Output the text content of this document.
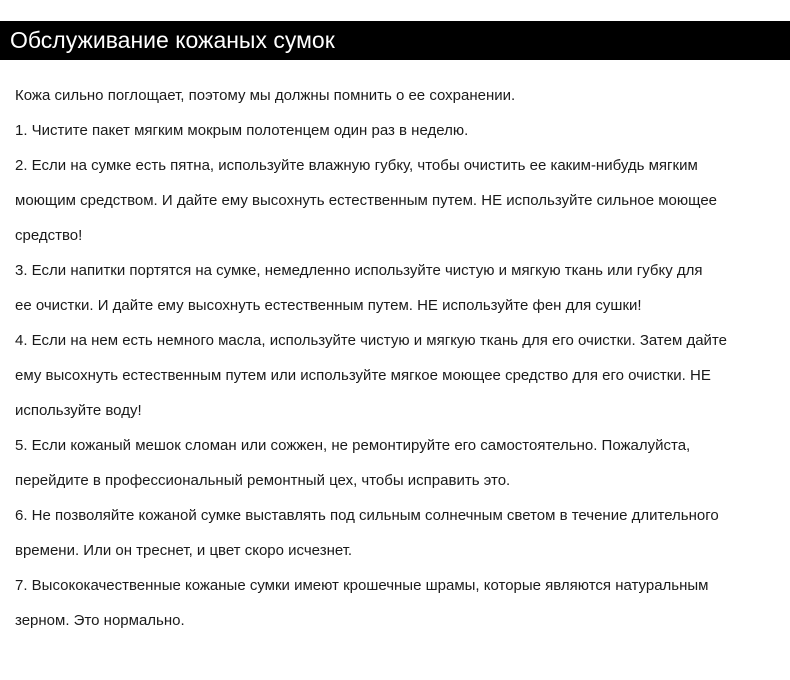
Обслуживание кожаных сумок
Кожа сильно поглощает, поэтому мы должны помнить о ее сохранении.
1. Чистите пакет мягким мокрым полотенцем один раз в неделю.
2. Если на сумке есть пятна, используйте влажную губку, чтобы очистить ее каким-нибудь мягким
моющим средством. И дайте ему высохнуть естественным путем. НЕ используйте сильное моющее
средство!
3. Если напитки портятся на сумке, немедленно используйте чистую и мягкую ткань или губку для
ее очистки. И дайте ему высохнуть естественным путем. НЕ используйте фен для сушки!
4. Если на нем есть немного масла, используйте чистую и мягкую ткань для его очистки. Затем дайте
ему высохнуть естественным путем или используйте мягкое моющее средство для его очистки. НЕ
используйте воду!
5. Если кожаный мешок сломан или сожжен, не ремонтируйте его самостоятельно. Пожалуйста,
перейдите в профессиональный ремонтный цех, чтобы исправить это.
6. Не позволяйте кожаной сумке выставлять под сильным солнечным светом в течение длительного
времени. Или он треснет, и цвет скоро исчезнет.
7. Высококачественные кожаные сумки имеют крошечные шрамы, которые являются натуральным
зерном. Это нормально.
